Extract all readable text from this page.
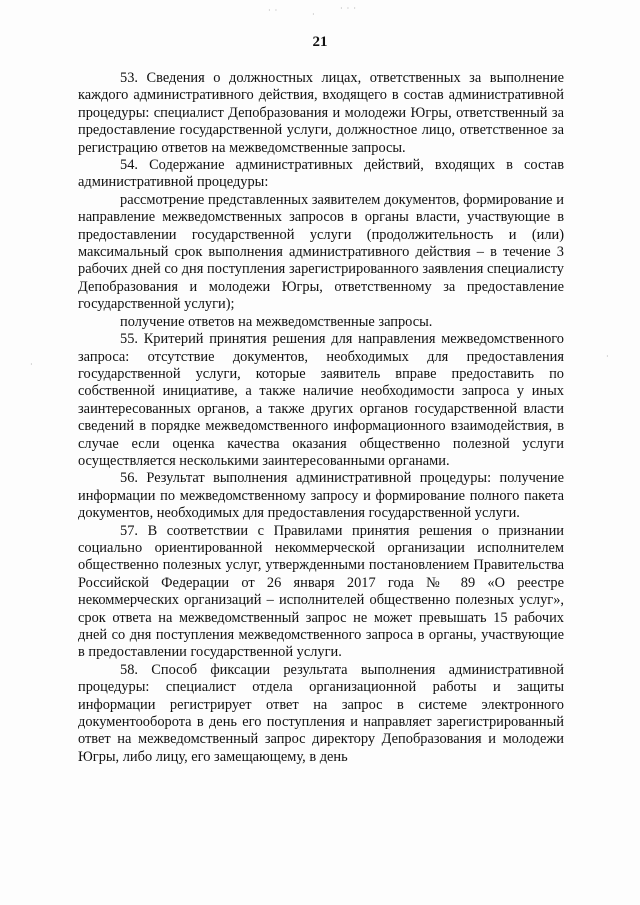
· ·	·
· · ·
·
·
21

53. Сведения о должностных лицах, ответственных за выполнение каждого административного действия, входящего в состав административной процедуры: специалист Депобразования и молодежи Югры, ответственный за предоставление государственной услуги, должностное лицо, ответственное за регистрацию ответов на межведомственные запросы.

54. Содержание административных действий, входящих в состав административной процедуры:

рассмотрение представленных заявителем документов, формирование и направление межведомственных запросов в органы власти, участвующие в предоставлении государственной услуги (продолжительность и (или) максимальный срок выполнения административного действия – в течение 3 рабочих дней со дня поступления зарегистрированного заявления специалисту Депобразования и молодежи Югры, ответственному за предоставление государственной услуги);

получение ответов на межведомственные запросы.

55. Критерий принятия решения для направления межведомственного запроса: отсутствие документов, необходимых для предоставления государственной услуги, которые заявитель вправе предоставить по собственной инициативе, а также наличие необходимости запроса у иных заинтересованных органов, а также других органов государственной власти сведений в порядке межведомственного информационного взаимодействия, в случае если оценка качества оказания общественно полезной услуги осуществляется несколькими заинтересованными органами.

56. Результат выполнения административной процедуры: получение информации по межведомственному запросу и формирование полного пакета документов, необходимых для предоставления государственной услуги.

57. В соответствии с Правилами принятия решения о признании социально ориентированной некоммерческой организации исполнителем общественно полезных услуг, утвержденными постановлением Правительства Российской Федерации от 26 января 2017 года № 89 «О реестре некоммерческих организаций – исполнителей общественно полезных услуг», срок ответа на межведомственный запрос не может превышать 15 рабочих дней со дня поступления межведомственного запроса в органы, участвующие в предоставлении государственной услуги.

58. Способ фиксации результата выполнения административной процедуры: специалист отдела организационной работы и защиты информации регистрирует ответ на запрос в системе электронного документооборота в день его поступления и направляет зарегистрированный ответ на межведомственный запрос директору Депобразования и молодежи Югры, либо лицу, его замещающему, в день
